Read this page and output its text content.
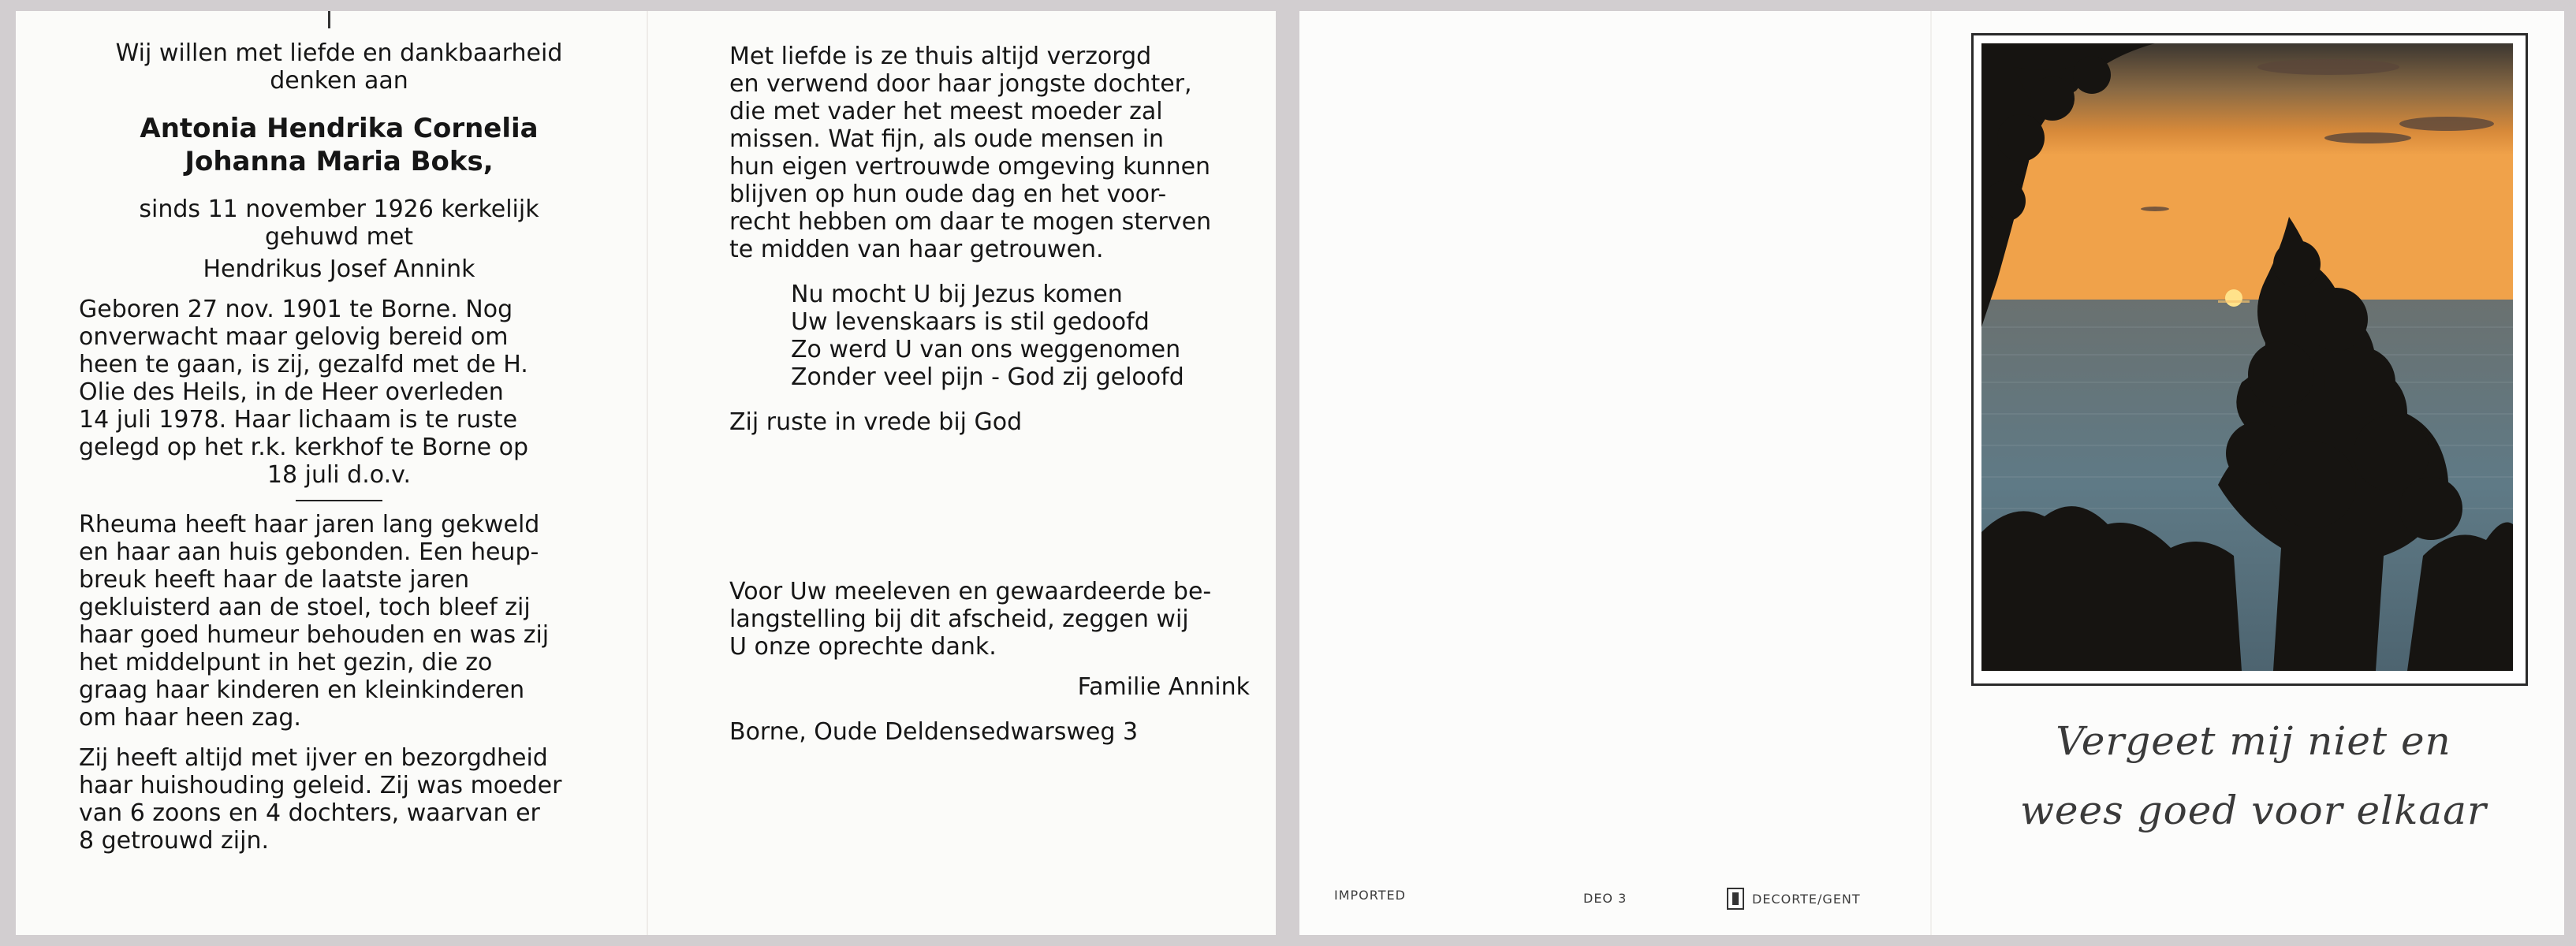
Wij willen met liefde en dankbaarheid
denken aan
Antonia Hendrika Cornelia
Johanna Maria Boks,
sinds 11 november 1926 kerkelijk
gehuwd met
Hendrikus Josef Annink
Geboren 27 nov. 1901 te Borne. Nog
onverwacht maar gelovig bereid om
heen te gaan, is zij, gezalfd met de H.
Olie des Heils, in de Heer overleden
14 juli 1978. Haar lichaam is te ruste
gelegd op het r.k. kerkhof te Borne op
18 juli d.o.v.
Rheuma heeft haar jaren lang gekweld
en haar aan huis gebonden. Een heup-
breuk heeft haar de laatste jaren
gekluisterd aan de stoel, toch bleef zij
haar goed humeur behouden en was zij
het middelpunt in het gezin, die zo
graag haar kinderen en kleinkinderen
om haar heen zag.
Zij heeft altijd met ijver en bezorgdheid
haar huishouding geleid. Zij was moeder
van 6 zoons en 4 dochters, waarvan er
8 getrouwd zijn.
Met liefde is ze thuis altijd verzorgd
en verwend door haar jongste dochter,
die met vader het meest moeder zal
missen. Wat fijn, als oude mensen in
hun eigen vertrouwde omgeving kunnen
blijven op hun oude dag en het voor-
recht hebben om daar te mogen sterven
te midden van haar getrouwen.
Nu mocht U bij Jezus komen
Uw levenskaars is stil gedoofd
Zo werd U van ons weggenomen
Zonder veel pijn - God zij geloofd
Zij ruste in vrede bij God
Voor Uw meeleven en gewaardeerde be-
langstelling bij dit afscheid, zeggen wij
U onze oprechte dank.
Familie Annink
Borne, Oude Deldensedwarsweg 3	Vergeet mij niet en
wees goed voor elkaar
IMPORTED	DEO 3	DECORTE/GENT
